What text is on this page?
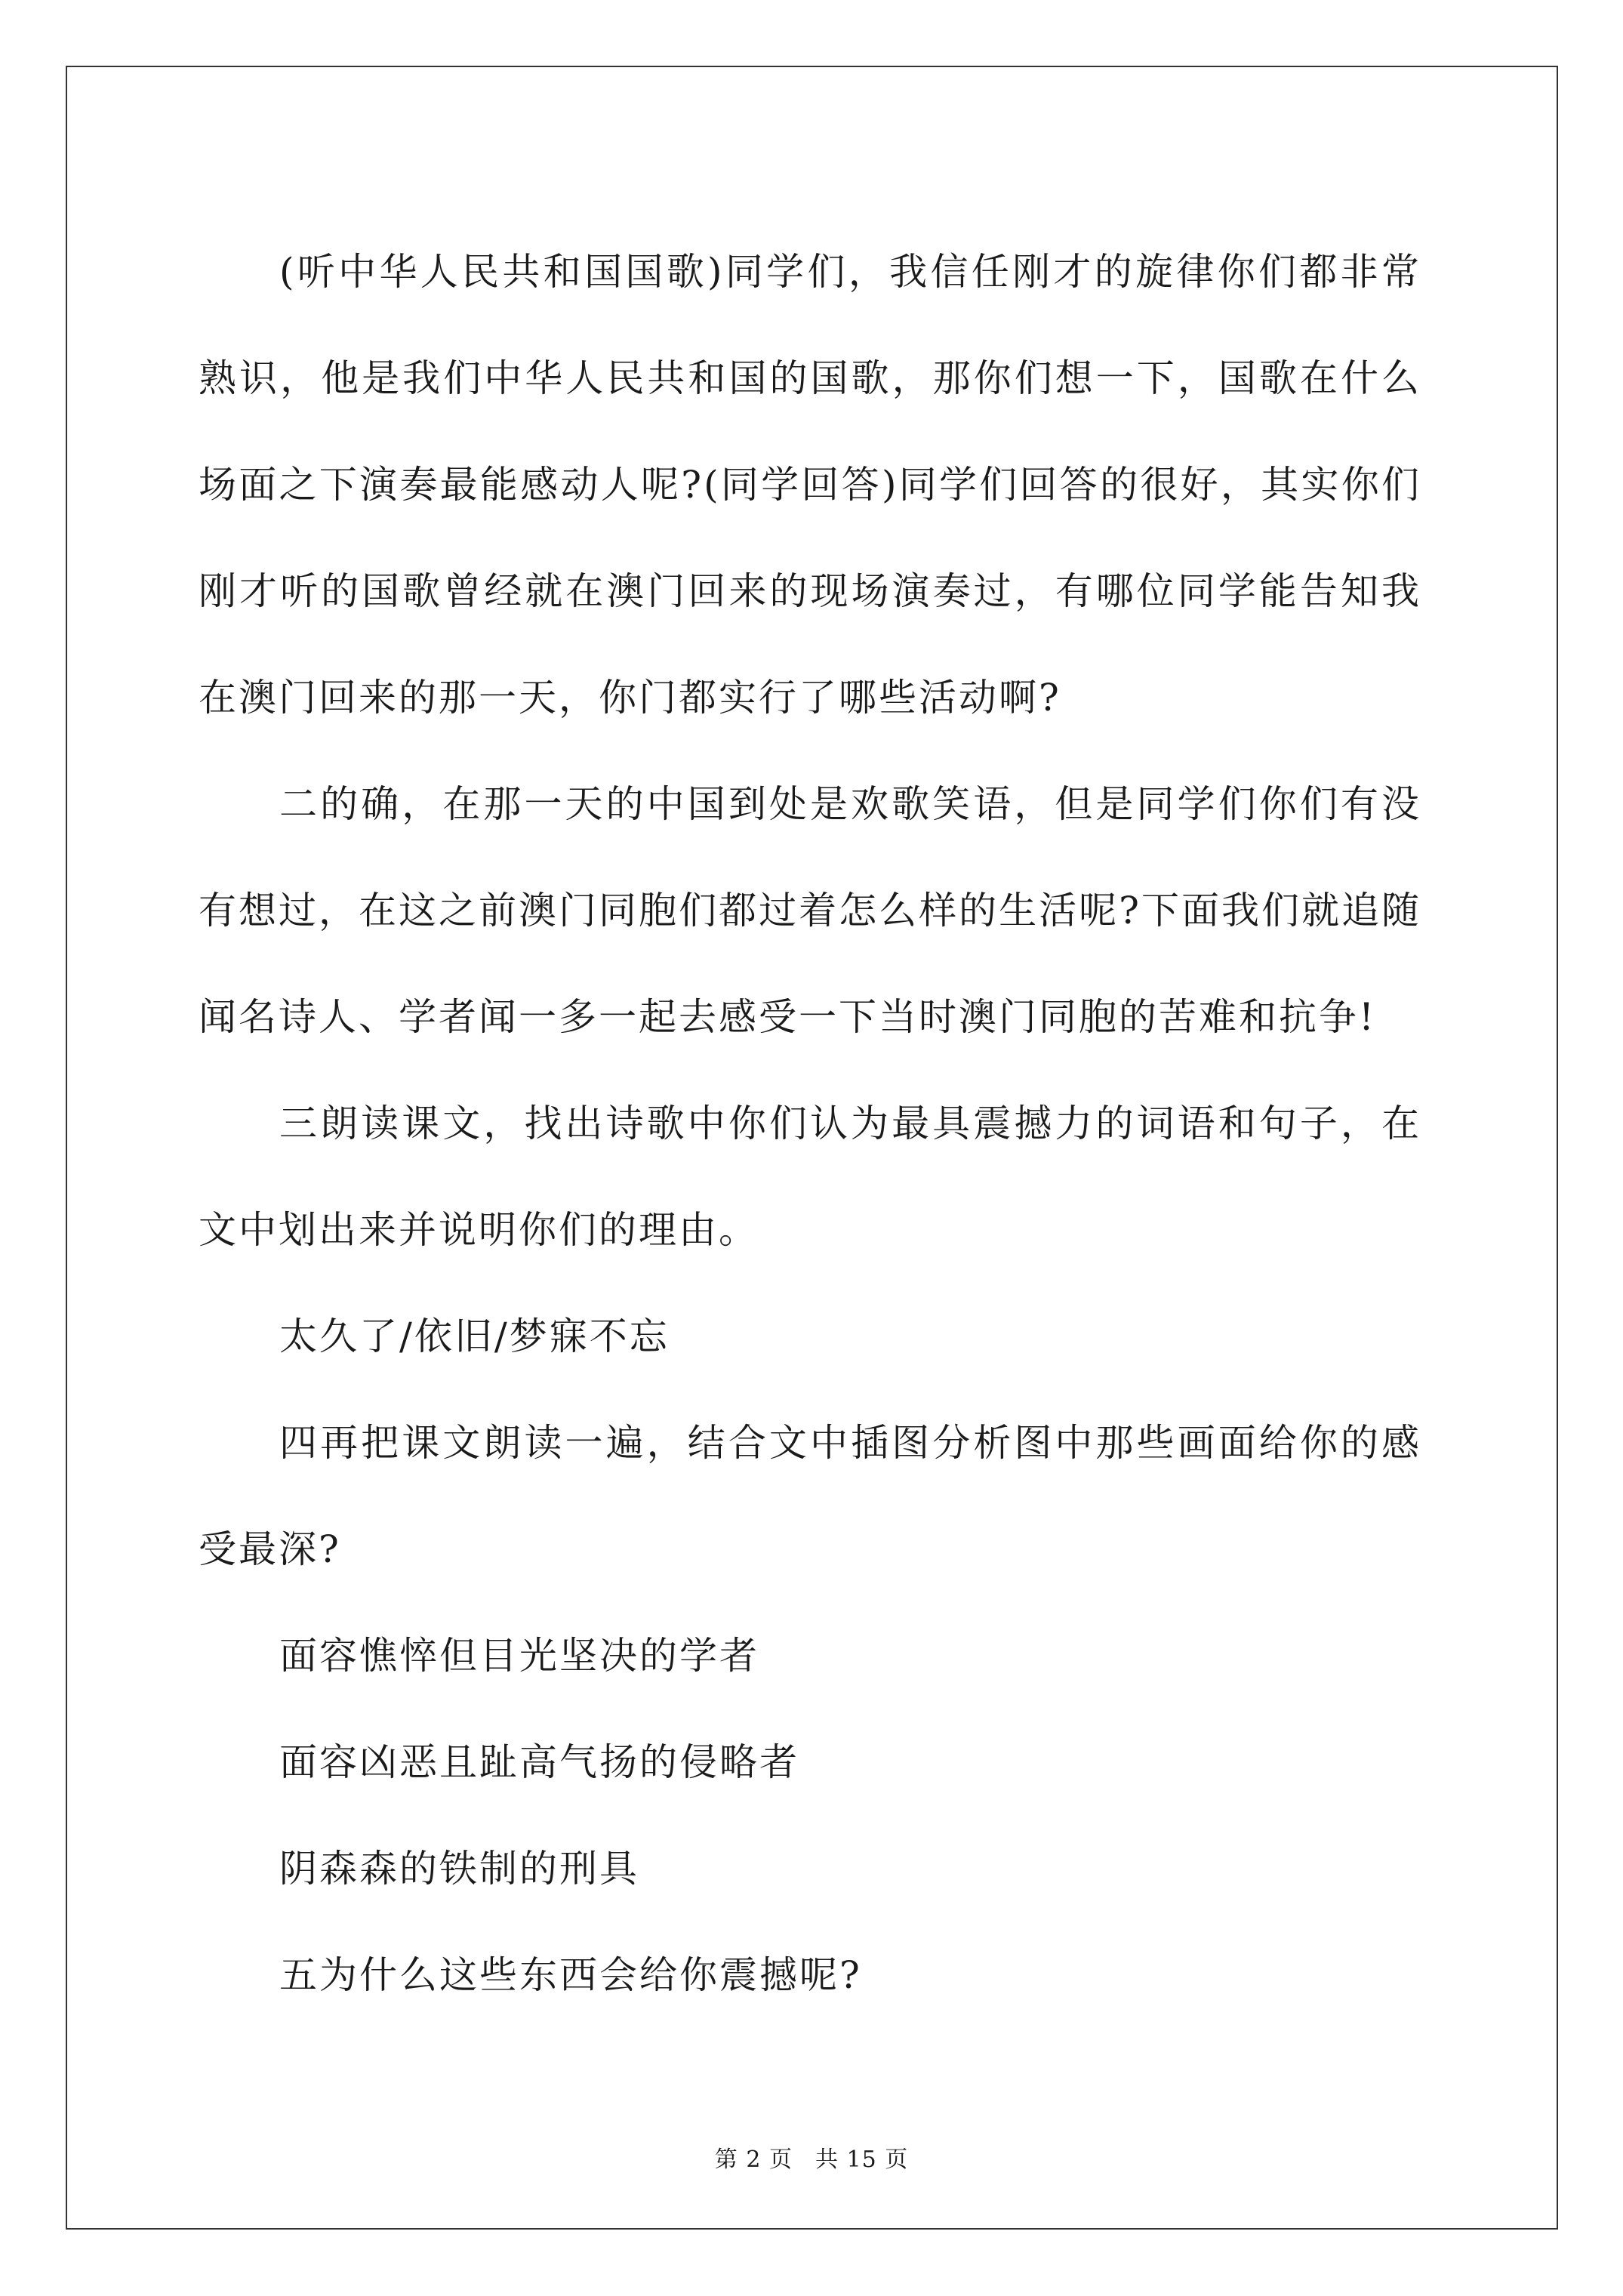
(听中华人民共和国国歌)同学们，我信任刚才的旋律你们都非常熟识，他是我们中华人民共和国的国歌，那你们想一下，国歌在什么场面之下演奏最能感动人呢?(同学回答)同学们回答的很好，其实你们刚才听的国歌曾经就在澳门回来的现场演奏过，有哪位同学能告知我在澳门回来的那一天，你门都实行了哪些活动啊?

二的确，在那一天的中国到处是欢歌笑语，但是同学们你们有没有想过，在这之前澳门同胞们都过着怎么样的生活呢?下面我们就追随闻名诗人、学者闻一多一起去感受一下当时澳门同胞的苦难和抗争!

三朗读课文，找出诗歌中你们认为最具震撼力的词语和句子，在文中划出来并说明你们的理由。

太久了/依旧/梦寐不忘

四再把课文朗读一遍，结合文中插图分析图中那些画面给你的感受最深?

面容憔悴但目光坚决的学者

面容凶恶且趾高气扬的侵略者

阴森森的铁制的刑具

五为什么这些东西会给你震撼呢?

第 2 页 共 15 页
